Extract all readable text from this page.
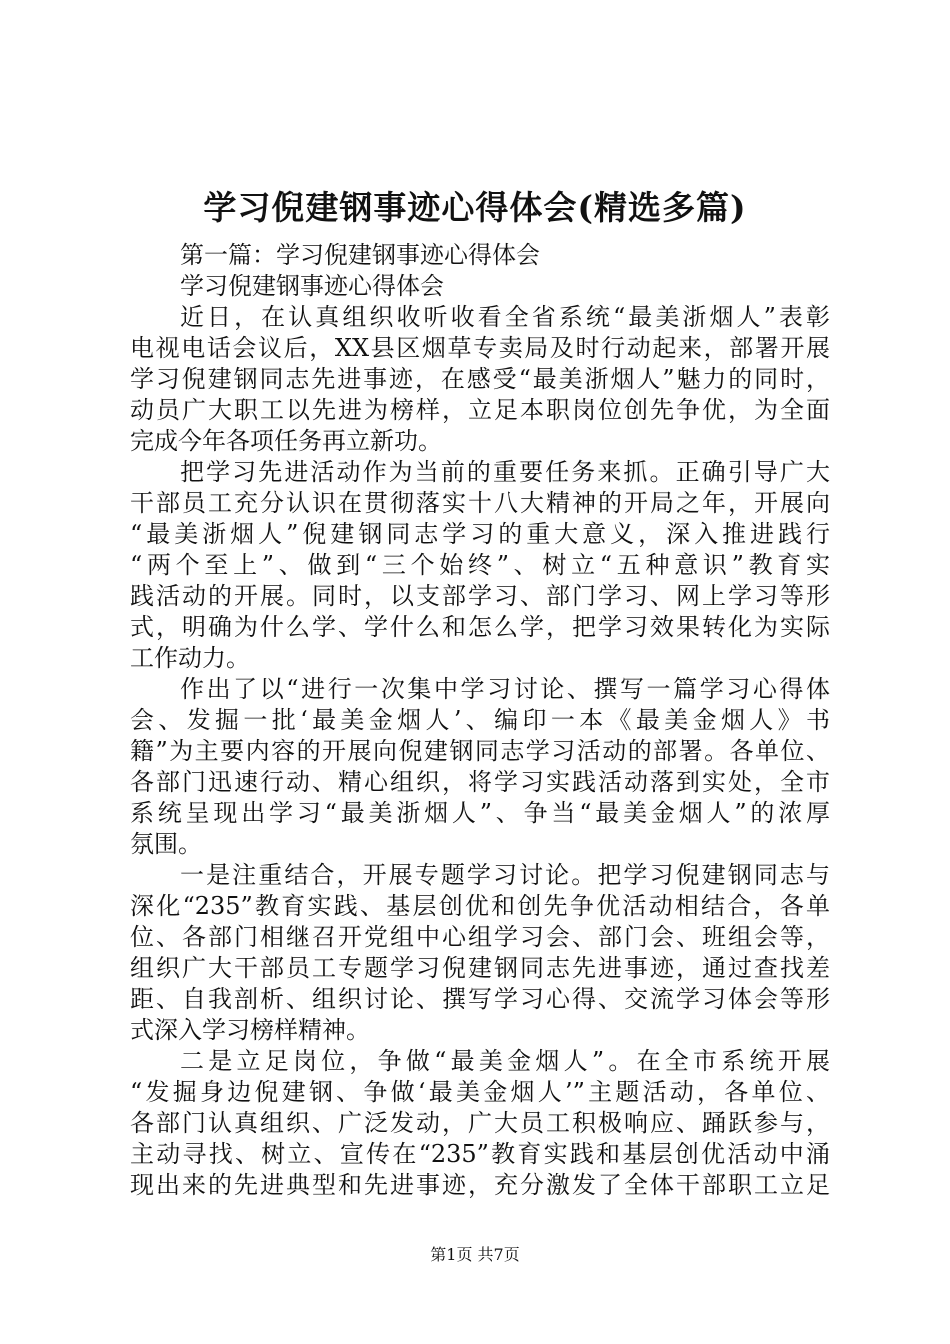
学习倪建钢事迹心得体会(精选多篇)
第一篇：学习倪建钢事迹心得体会
学习倪建钢事迹心得体会
近日，在认真组织收听收看全省系统“最美浙烟人”表彰
电视电话会议后，XX县区烟草专卖局及时行动起来，部署开展
学习倪建钢同志先进事迹，在感受“最美浙烟人”魅力的同时，
动员广大职工以先进为榜样，立足本职岗位创先争优，为全面
完成今年各项任务再立新功。
把学习先进活动作为当前的重要任务来抓。正确引导广大
干部员工充分认识在贯彻落实十八大精神的开局之年，开展向
“最美浙烟人”倪建钢同志学习的重大意义，深入推进践行
“两个至上”、做到“三个始终”、树立“五种意识”教育实
践活动的开展。同时，以支部学习、部门学习、网上学习等形
式，明确为什么学、学什么和怎么学，把学习效果转化为实际
工作动力。
作出了以“进行一次集中学习讨论、撰写一篇学习心得体
会、发掘一批‘最美金烟人’、编印一本《最美金烟人》书
籍”为主要内容的开展向倪建钢同志学习活动的部署。各单位、
各部门迅速行动、精心组织，将学习实践活动落到实处，全市
系统呈现出学习“最美浙烟人”、争当“最美金烟人”的浓厚
氛围。
一是注重结合，开展专题学习讨论。把学习倪建钢同志与
深化“235”教育实践、基层创优和创先争优活动相结合，各单
位、各部门相继召开党组中心组学习会、部门会、班组会等，
组织广大干部员工专题学习倪建钢同志先进事迹，通过查找差
距、自我剖析、组织讨论、撰写学习心得、交流学习体会等形
式深入学习榜样精神。
二是立足岗位，争做“最美金烟人”。在全市系统开展
“发掘身边倪建钢、争做‘最美金烟人’”主题活动，各单位、
各部门认真组织、广泛发动，广大员工积极响应、踊跃参与，
主动寻找、树立、宣传在“235”教育实践和基层创优活动中涌
现出来的先进典型和先进事迹，充分激发了全体干部职工立足
第1页 共7页
